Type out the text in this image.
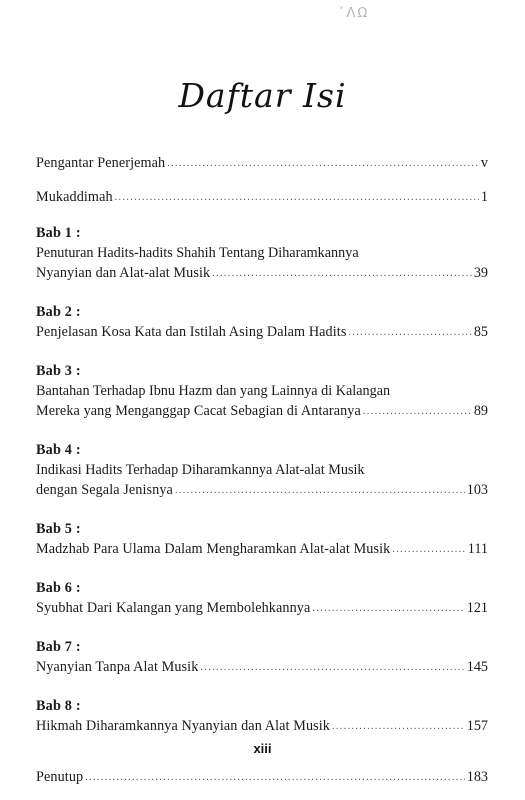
᾿ΛΩ
Daftar Isi
Pengantar Penerjemah .....	v
Mukaddimah .....	1
Bab 1 :
Penuturan Hadits-hadits Shahih Tentang Diharamkannya
Nyanyian dan Alat-alat Musik .....	39
Bab 2 :
Penjelasan Kosa Kata dan Istilah Asing Dalam Hadits .....	85
Bab 3 :
Bantahan Terhadap Ibnu Hazm dan yang Lainnya di Kalangan
Mereka yang Menganggap Cacat Sebagian di Antaranya .....	89
Bab 4 :
Indikasi Hadits Terhadap Diharamkannya Alat-alat Musik
dengan Segala Jenisnya .....	103
Bab 5 :
Madzhab Para Ulama Dalam Mengharamkan Alat-alat Musik .....	111
Bab 6 :
Syubhat Dari Kalangan yang Membolehkannya .....	121
Bab 7 :
Nyanyian Tanpa Alat Musik .....	145
Bab 8 :
Hikmah Diharamkannya Nyanyian dan Alat Musik .....	157
Penutup .....	183
xiii
